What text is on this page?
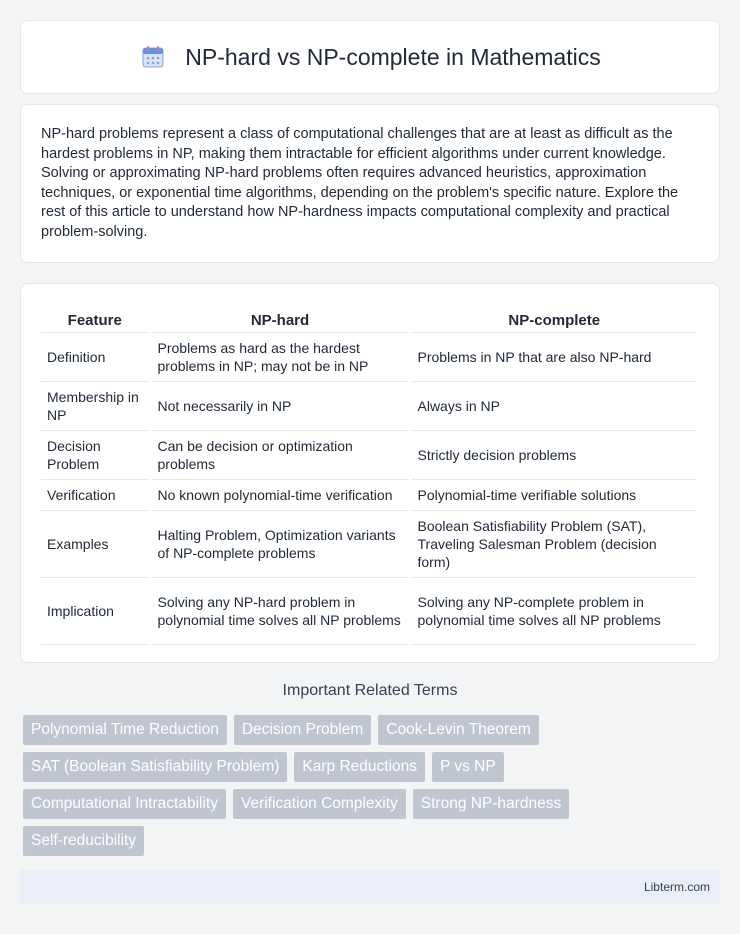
NP-hard vs NP-complete in Mathematics

NP-hard problems represent a class of computational challenges that are at least as difficult as the hardest problems in NP, making them intractable for efficient algorithms under current knowledge. Solving or approximating NP-hard problems often requires advanced heuristics, approximation techniques, or exponential time algorithms, depending on the problem's specific nature. Explore the rest of this article to understand how NP-hardness impacts computational complexity and practical problem-solving.

Feature	NP-hard	NP-complete
Definition	Problems as hard as the hardest problems in NP; may not be in NP	Problems in NP that are also NP-hard
Membership in NP	Not necessarily in NP	Always in NP
Decision Problem	Can be decision or optimization problems	Strictly decision problems
Verification	No known polynomial-time verification	Polynomial-time verifiable solutions
Examples	Halting Problem, Optimization variants of NP-complete problems	Boolean Satisfiability Problem (SAT), Traveling Salesman Problem (decision form)
Implication	Solving any NP-hard problem in polynomial time solves all NP problems	Solving any NP-complete problem in polynomial time solves all NP problems
Important Related Terms
Polynomial Time Reduction	Decision Problem	Cook-Levin Theorem
SAT (Boolean Satisfiability Problem)	Karp Reductions	P vs NP
Computational Intractability	Verification Complexity	Strong NP-hardness
Self-reducibility
Libterm.com
